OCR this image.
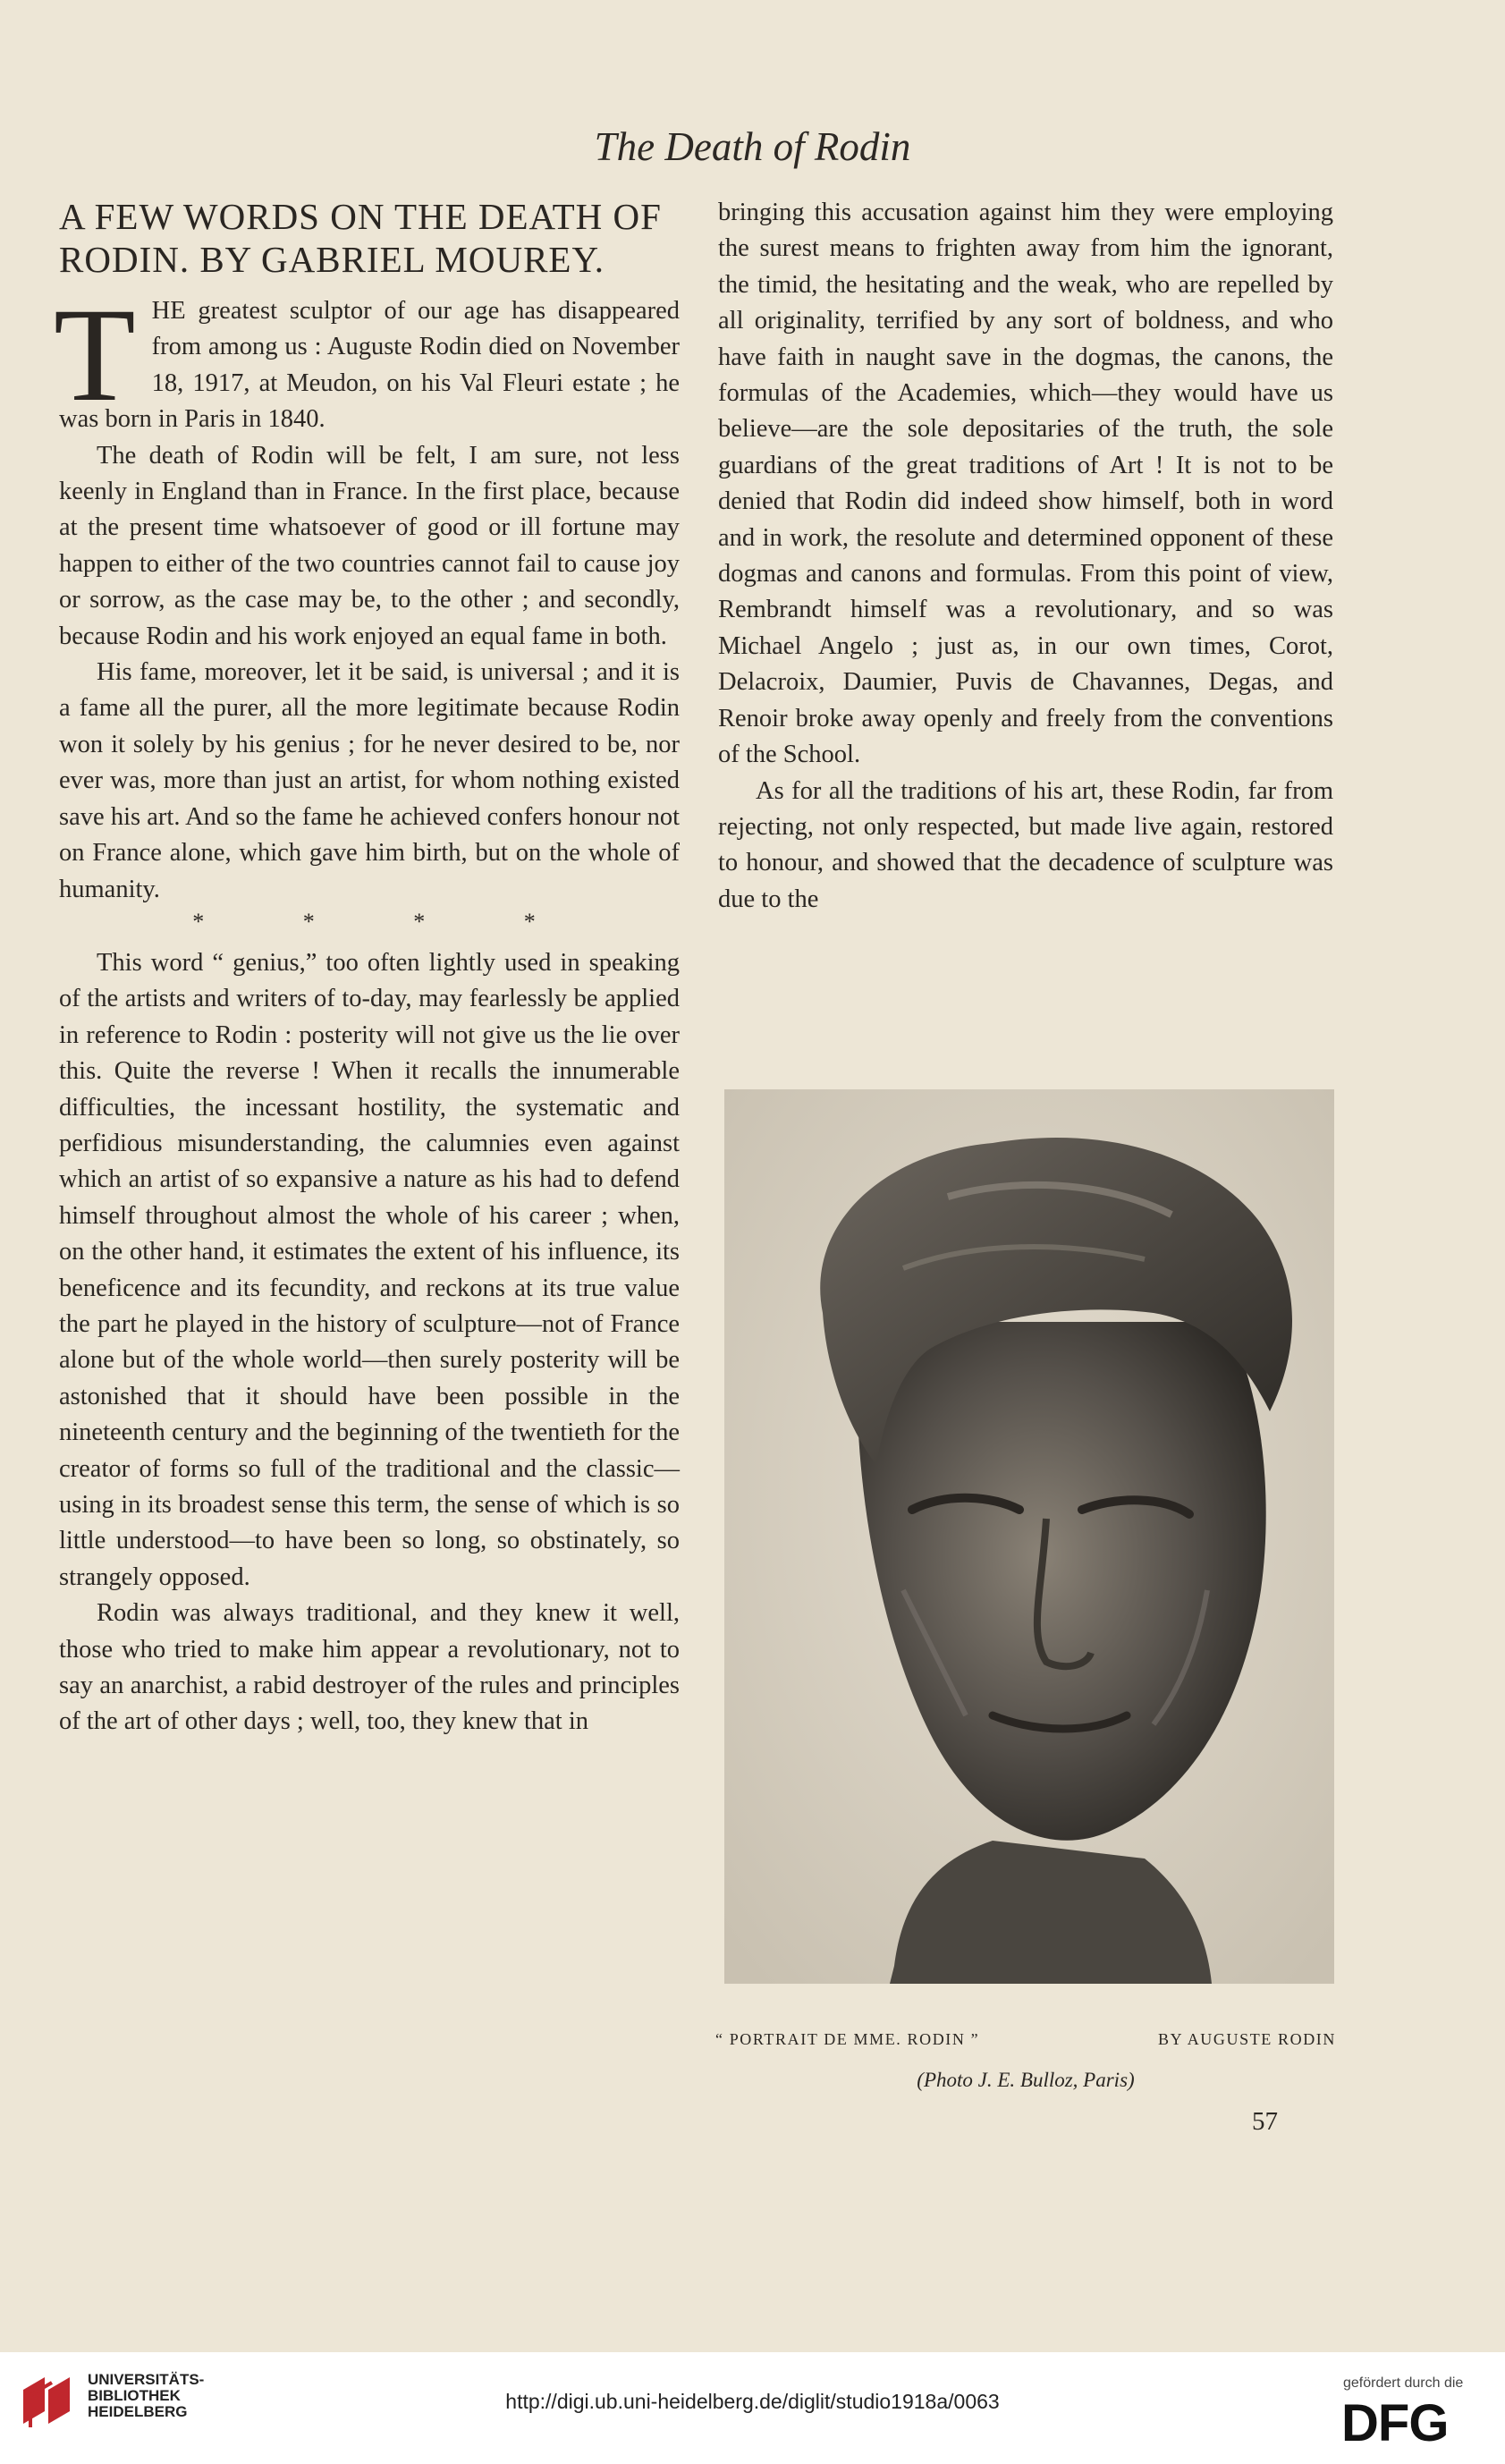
The Death of Rodin
A FEW WORDS ON THE DEATH OF RODIN. BY GABRIEL MOUREY.
T HE greatest sculptor of our age has disappeared from among us : Auguste Rodin died on November 18, 1917, at Meudon, on his Val Fleuri estate ; he was born in Paris in 1840.

The death of Rodin will be felt, I am sure, not less keenly in England than in France. In the first place, because at the present time whatsoever of good or ill fortune may happen to either of the two countries cannot fail to cause joy or sorrow, as the case may be, to the other ; and secondly, because Rodin and his work enjoyed an equal fame in both.

His fame, moreover, let it be said, is universal ; and it is a fame all the purer, all the more legitimate because Rodin won it solely by his genius ; for he never desired to be, nor ever was, more than just an artist, for whom nothing existed save his art. And so the fame he achieved confers honour not on France alone, which gave him birth, but on the whole of humanity.

* * * *

This word “ genius,” too often lightly used in speaking of the artists and writers of to-day, may fearlessly be applied in reference to Rodin : posterity will not give us the lie over this. Quite the reverse ! When it recalls the innumerable difficulties, the incessant hostility, the systematic and perfidious misunderstanding, the calumnies even against which an artist of so expansive a nature as his had to defend himself throughout almost the whole of his career ; when, on the other hand, it estimates the extent of his influence, its beneficence and its fecundity, and reckons at its true value the part he played in the history of sculpture—not of France alone but of the whole world—then surely posterity will be astonished that it should have been possible in the nineteenth century and the beginning of the twentieth for the creator of forms so full of the traditional and the classic—using in its broadest sense this term, the sense of which is so little understood—to have been so long, so obstinately, so strangely opposed.

Rodin was always traditional, and they knew it well, those who tried to make him appear a revolutionary, not to say an anarchist, a rabid destroyer of the rules and principles of the art of other days ; well, too, they knew that in

bringing this accusation against him they were employing the surest means to frighten away from him the ignorant, the timid, the hesitating and the weak, who are repelled by all originality, terrified by any sort of boldness, and who have faith in naught save in the dogmas, the canons, the formulas of the Academies, which—they would have us believe—are the sole depositaries of the truth, the sole guardians of the great traditions of Art ! It is not to be denied that Rodin did indeed show himself, both in word and in work, the resolute and determined opponent of these dogmas and canons and formulas. From this point of view, Rembrandt himself was a revolutionary, and so was Michael Angelo ; just as, in our own times, Corot, Delacroix, Daumier, Puvis de Chavannes, Degas, and Renoir broke away openly and freely from the conventions of the School.

As for all the traditions of his art, these Rodin, far from rejecting, not only respected, but made live again, restored to honour, and showed that the decadence of sculpture was due to the

“ PORTRAIT DE MME. RODIN ”	BY AUGUSTE RODIN
(Photo J. E. Bulloz, Paris)
57
UNIVERSITÄTS-
BIBLIOTHEK
HEIDELBERG	http://digi.ub.uni-heidelberg.de/diglit/studio1918a/0063
gefördert durch die
DFG
